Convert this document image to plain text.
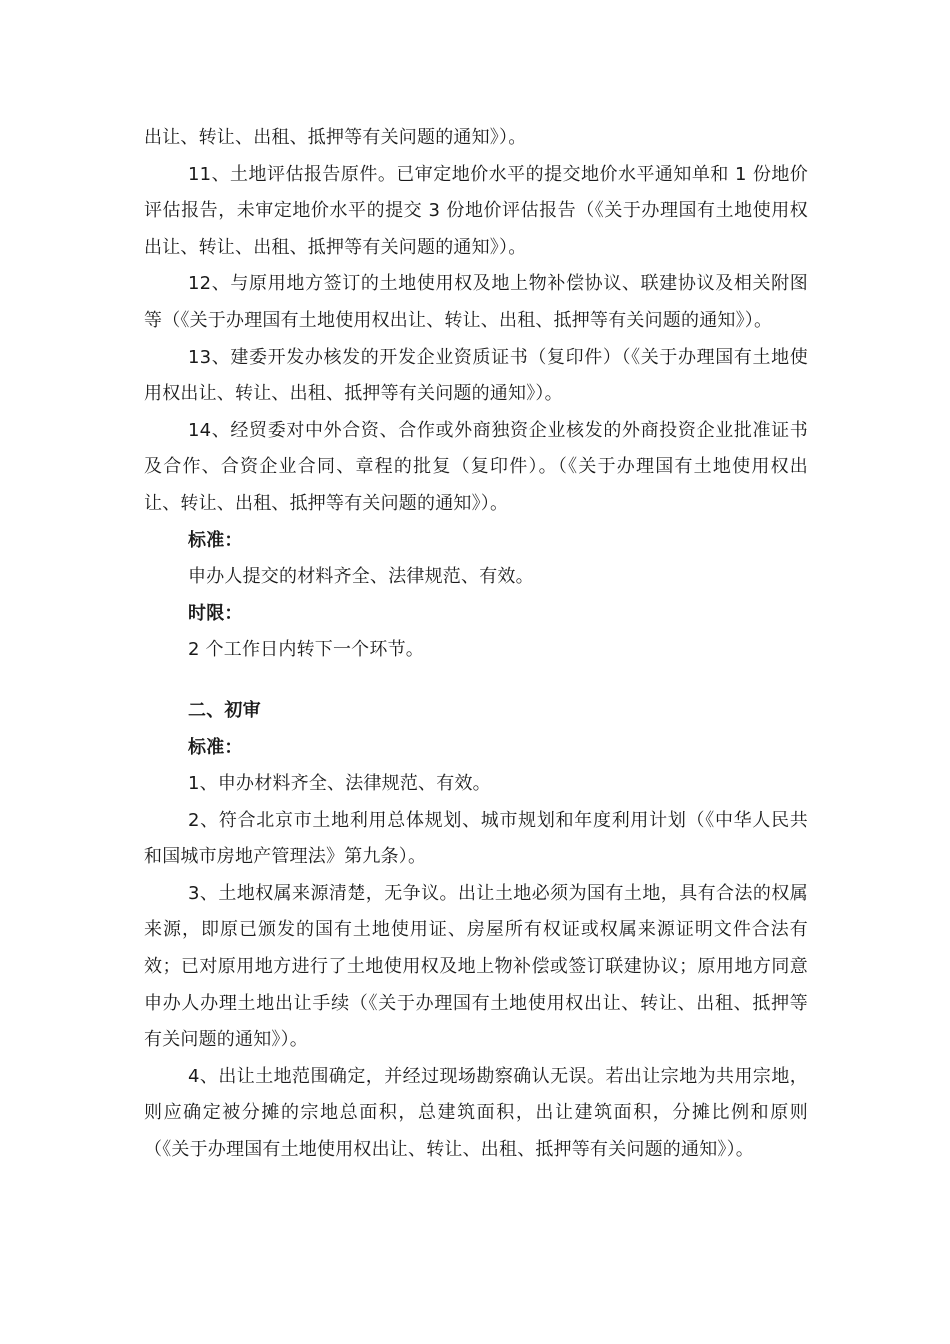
出让、转让、出租、抵押等有关问题的通知》）。

11、土地评估报告原件。已审定地价水平的提交地价水平通知单和 1 份地价评估报告，未审定地价水平的提交 3 份地价评估报告（《关于办理国有土地使用权出让、转让、出租、抵押等有关问题的通知》）。

12、与原用地方签订的土地使用权及地上物补偿协议、联建协议及相关附图等（《关于办理国有土地使用权出让、转让、出租、抵押等有关问题的通知》）。

13、建委开发办核发的开发企业资质证书（复印件）（《关于办理国有土地使用权出让、转让、出租、抵押等有关问题的通知》）。

14、经贸委对中外合资、合作或外商独资企业核发的外商投资企业批准证书及合作、合资企业合同、章程的批复（复印件）。（《关于办理国有土地使用权出让、转让、出租、抵押等有关问题的通知》）。

标准：

申办人提交的材料齐全、法律规范、有效。

时限：

2 个工作日内转下一个环节。

二、初审

标准：

1、申办材料齐全、法律规范、有效。

2、符合北京市土地利用总体规划、城市规划和年度利用计划（《中华人民共和国城市房地产管理法》第九条）。

3、土地权属来源清楚，无争议。出让土地必须为国有土地，具有合法的权属来源，即原已颁发的国有土地使用证、房屋所有权证或权属来源证明文件合法有效；已对原用地方进行了土地使用权及地上物补偿或签订联建协议；原用地方同意申办人办理土地出让手续（《关于办理国有土地使用权出让、转让、出租、抵押等有关问题的通知》）。

4、出让土地范围确定，并经过现场勘察确认无误。若出让宗地为共用宗地，则应确定被分摊的宗地总面积，总建筑面积，出让建筑面积，分摊比例和原则（《关于办理国有土地使用权出让、转让、出租、抵押等有关问题的通知》）。
